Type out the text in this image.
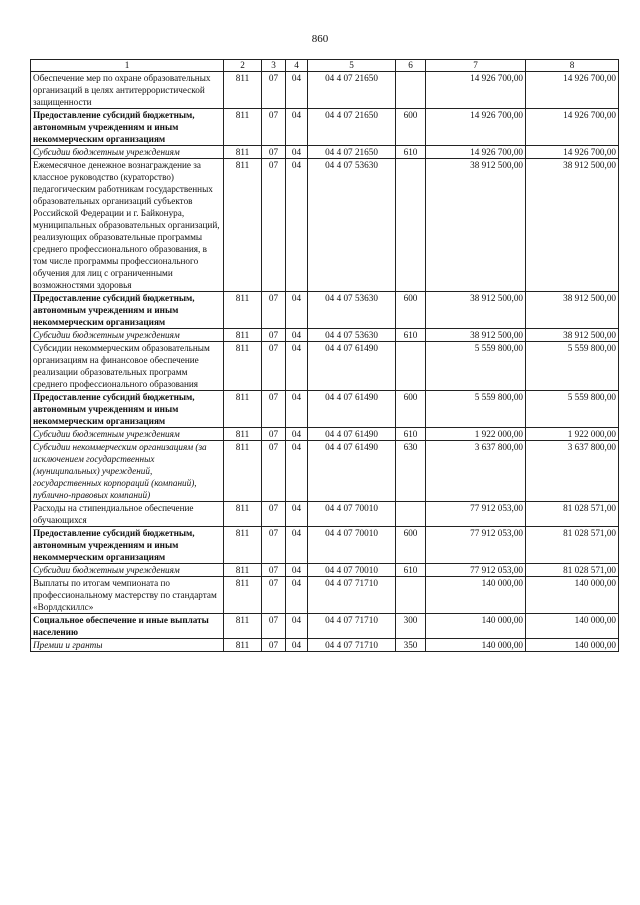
860
1	2	3	4	5	6	7	8
Обеспечение мер по охране образовательных организаций в целях антитеррористической защищенности	811	07	04	04 4 07 21650		14 926 700,00	14 926 700,00
Предоставление субсидий бюджетным, автономным учреждениям и иным некоммерческим организациям	811	07	04	04 4 07 21650	600	14 926 700,00	14 926 700,00
Субсидии бюджетным учреждениям	811	07	04	04 4 07 21650	610	14 926 700,00	14 926 700,00
Ежемесячное денежное вознаграждение за классное руководство (кураторство) педагогическим работникам государственных образовательных организаций субъектов Российской Федерации и г. Байконура, муниципальных образовательных организаций, реализующих образовательные программы среднего профессионального образования, в том числе программы профессионального обучения для лиц с ограниченными возможностями здоровья	811	07	04	04 4 07 53630		38 912 500,00	38 912 500,00
Предоставление субсидий бюджетным, автономным учреждениям и иным некоммерческим организациям	811	07	04	04 4 07 53630	600	38 912 500,00	38 912 500,00
Субсидии бюджетным учреждениям	811	07	04	04 4 07 53630	610	38 912 500,00	38 912 500,00
Субсидии некоммерческим образовательным организациям на финансовое обеспечение реализации образовательных программ среднего профессионального образования	811	07	04	04 4 07 61490		5 559 800,00	5 559 800,00
Предоставление субсидий бюджетным, автономным учреждениям и иным некоммерческим организациям	811	07	04	04 4 07 61490	600	5 559 800,00	5 559 800,00
Субсидии бюджетным учреждениям	811	07	04	04 4 07 61490	610	1 922 000,00	1 922 000,00
Субсидии некоммерческим организациям (за исключением государственных (муниципальных) учреждений, государственных корпораций (компаний), публично-правовых компаний)	811	07	04	04 4 07 61490	630	3 637 800,00	3 637 800,00
Расходы на стипендиальное обеспечение обучающихся	811	07	04	04 4 07 70010		77 912 053,00	81 028 571,00
Предоставление субсидий бюджетным, автономным учреждениям и иным некоммерческим организациям	811	07	04	04 4 07 70010	600	77 912 053,00	81 028 571,00
Субсидии бюджетным учреждениям	811	07	04	04 4 07 70010	610	77 912 053,00	81 028 571,00
Выплаты по итогам чемпионата по профессиональному мастерству по стандартам «Ворлдскиллс»	811	07	04	04 4 07 71710		140 000,00	140 000,00
Социальное обеспечение и иные выплаты населению	811	07	04	04 4 07 71710	300	140 000,00	140 000,00
Премии и гранты	811	07	04	04 4 07 71710	350	140 000,00	140 000,00
